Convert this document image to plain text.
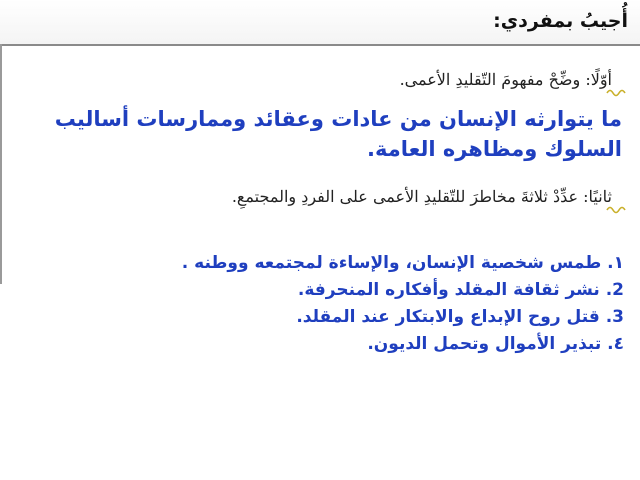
أُجيبُ بمفردي:
أوّلًا: وضِّحْ مفهومَ التّقليدِ الأعمى.
ما يتوارثه الإنسان من عادات وعقائد وممارسات أساليب السلوك ومظاهره العامة.
ثانيًا: عدِّدْ ثلاثةَ مخاطرَ للتّقليدِ الأعمى على الفردِ والمجتمعِ.
١. طمس شخصية الإنسان، والإساءة لمجتمعه ووطنه .
2. نشر ثقافة المقلد وأفكاره المنحرفة.
3. قتل روح الإبداع والابتكار عند المقلد.
٤. تبذير الأموال وتحمل الديون.
